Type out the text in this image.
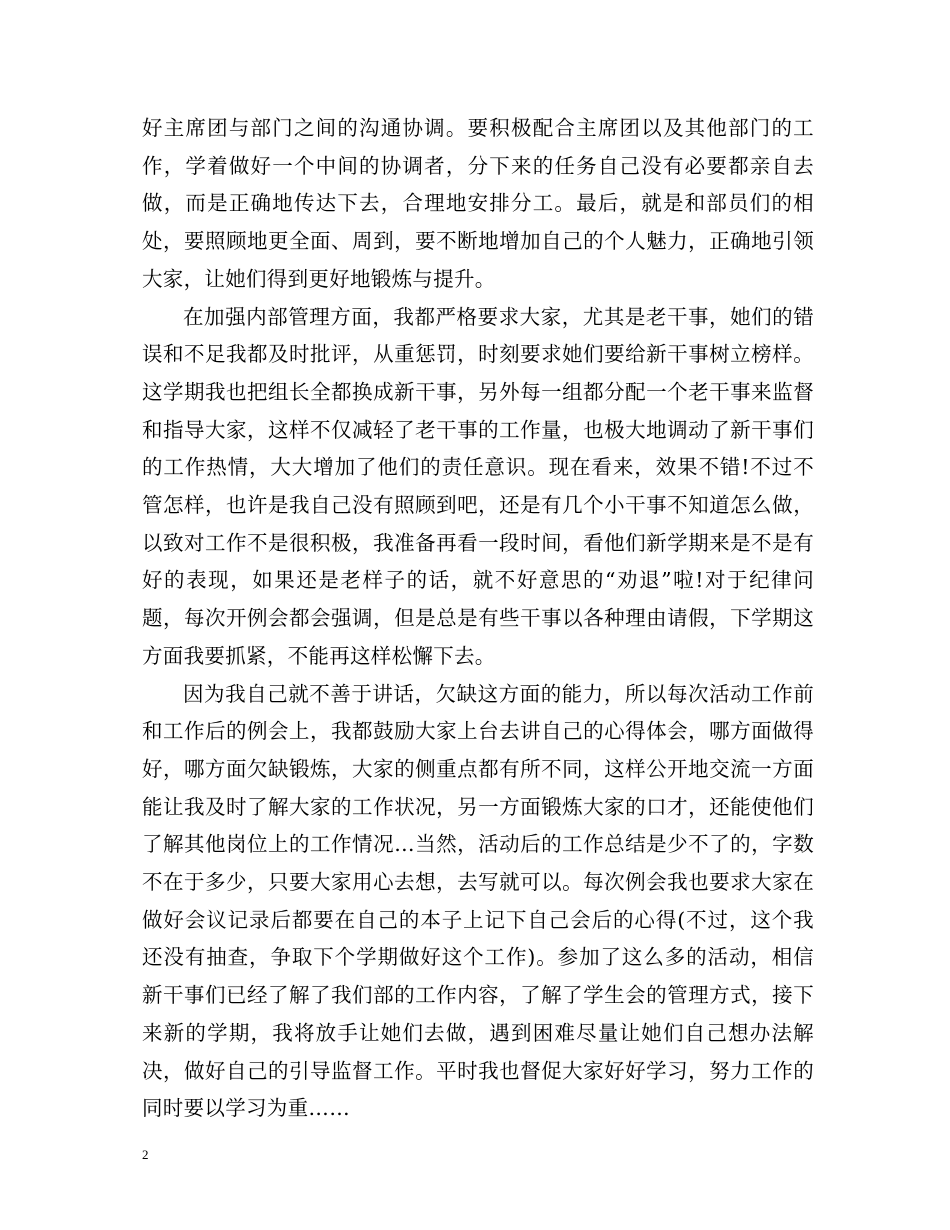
好主席团与部门之间的沟通协调。要积极配合主席团以及其他部门的工作，学着做好一个中间的协调者，分下来的任务自己没有必要都亲自去做，而是正确地传达下去，合理地安排分工。最后，就是和部员们的相处，要照顾地更全面、周到，要不断地增加自己的个人魅力，正确地引领大家，让她们得到更好地锻炼与提升。

在加强内部管理方面，我都严格要求大家，尤其是老干事，她们的错误和不足我都及时批评，从重惩罚，时刻要求她们要给新干事树立榜样。这学期我也把组长全都换成新干事，另外每一组都分配一个老干事来监督和指导大家，这样不仅减轻了老干事的工作量，也极大地调动了新干事们的工作热情，大大增加了他们的责任意识。现在看来，效果不错!不过不管怎样，也许是我自己没有照顾到吧，还是有几个小干事不知道怎么做，以致对工作不是很积极，我准备再看一段时间，看他们新学期来是不是有好的表现，如果还是老样子的话，就不好意思的“劝退”啦!对于纪律问题，每次开例会都会强调，但是总是有些干事以各种理由请假，下学期这方面我要抓紧，不能再这样松懈下去。

因为我自己就不善于讲话，欠缺这方面的能力，所以每次活动工作前和工作后的例会上，我都鼓励大家上台去讲自己的心得体会，哪方面做得好，哪方面欠缺锻炼，大家的侧重点都有所不同，这样公开地交流一方面能让我及时了解大家的工作状况，另一方面锻炼大家的口才，还能使他们了解其他岗位上的工作情况…当然，活动后的工作总结是少不了的，字数不在于多少，只要大家用心去想，去写就可以。每次例会我也要求大家在做好会议记录后都要在自己的本子上记下自己会后的心得(不过，这个我还没有抽查，争取下个学期做好这个工作)。参加了这么多的活动，相信新干事们已经了解了我们部的工作内容，了解了学生会的管理方式，接下来新的学期，我将放手让她们去做，遇到困难尽量让她们自己想办法解决，做好自己的引导监督工作。平时我也督促大家好好学习，努力工作的同时要以学习为重……

2
